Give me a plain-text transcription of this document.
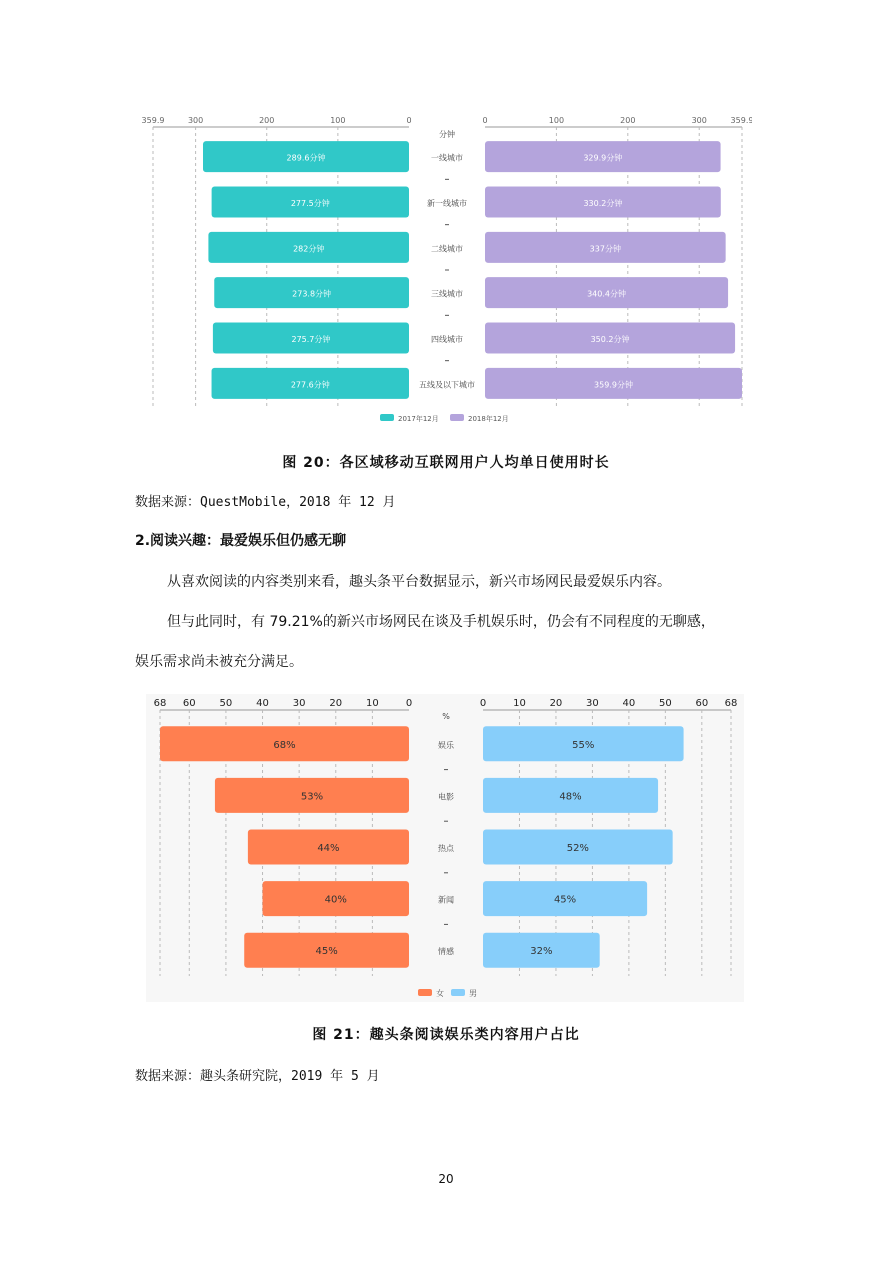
0	0
100	100
200	200
300	300
359.9	359.9
分钟
289.6分钟	329.9分钟
一线城市
277.5分钟	330.2分钟
新一线城市
282分钟	337分钟
二线城市
273.8分钟	340.4分钟
三线城市
275.7分钟	350.2分钟
四线城市
277.6分钟	359.9分钟
五线及以下城市
2017年12月	2018年12月
图 20：各区域移动互联网用户人均单日使用时长
数据来源：QuestMobile，2018 年 12 月
2.阅读兴趣：最爱娱乐但仍感无聊
从喜欢阅读的内容类别来看，趣头条平台数据显示，新兴市场网民最爱娱乐内容。
但与此同时，有 79.21%的新兴市场网民在谈及手机娱乐时，仍会有不同程度的无聊感，
娱乐需求尚未被充分满足。
0	0
10	10
20	20
30	30
40	40
50	50
60	60
68	68
%
68%	55%
娱乐
53%	48%
电影
44%	52%
热点
40%	45%
新闻
45%	32%
情感
女	男
图 21：趣头条阅读娱乐类内容用户占比
数据来源：趣头条研究院，2019 年 5 月
20
